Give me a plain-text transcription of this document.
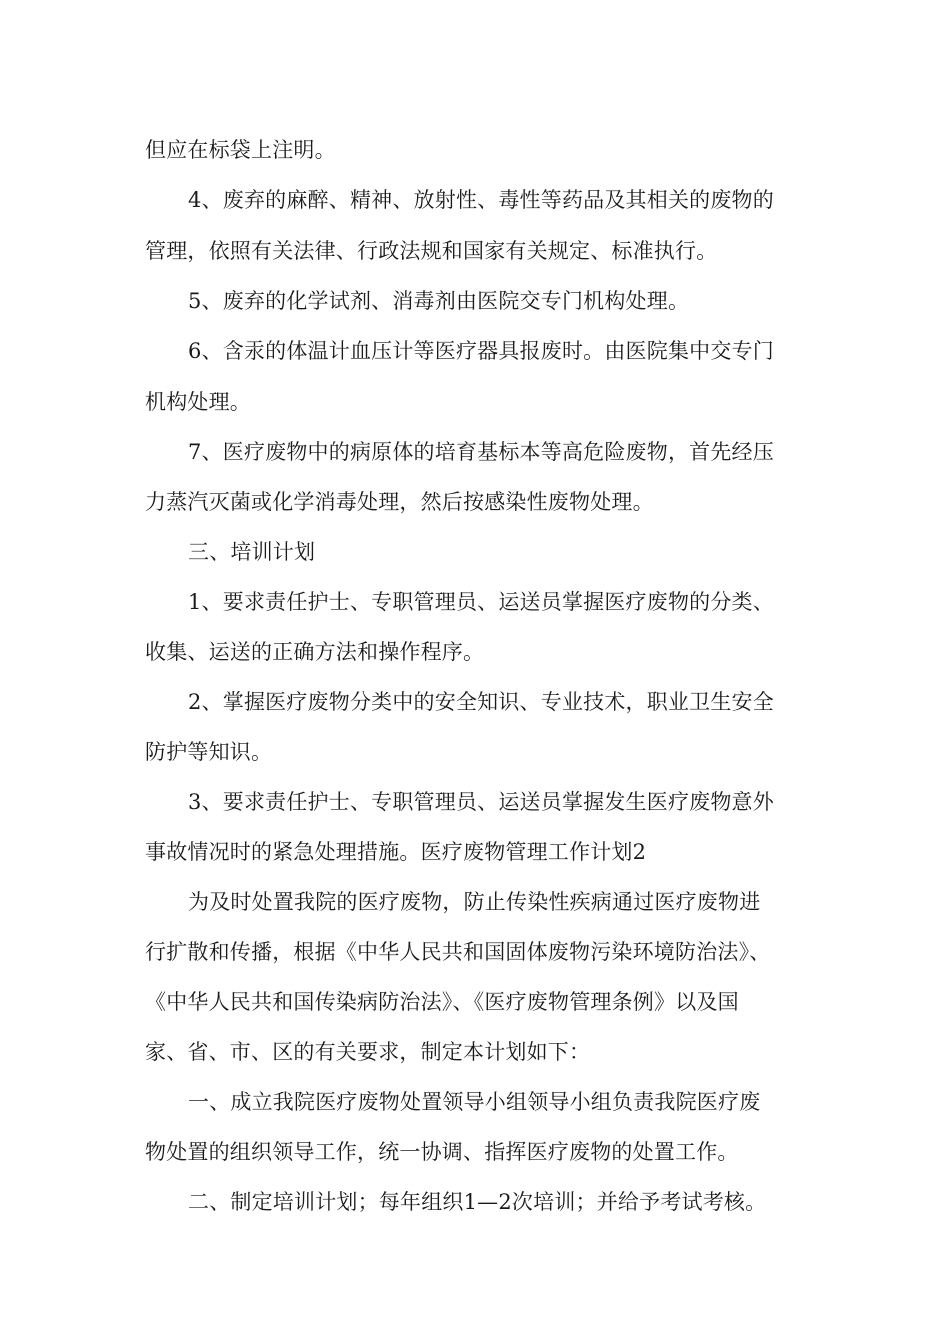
但应在标袋上注明。
4、废弃的麻醉、精神、放射性、毒性等药品及其相关的废物的
管理，依照有关法律、行政法规和国家有关规定、标准执行。
5、废弃的化学试剂、消毒剂由医院交专门机构处理。
6、含汞的体温计血压计等医疗器具报废时。由医院集中交专门
机构处理。
7、医疗废物中的病原体的培育基标本等高危险废物，首先经压
力蒸汽灭菌或化学消毒处理，然后按感染性废物处理。
三、培训计划
1、要求责任护士、专职管理员、运送员掌握医疗废物的分类、
收集、运送的正确方法和操作程序。
2、掌握医疗废物分类中的安全知识、专业技术，职业卫生安全
防护等知识。
3、要求责任护士、专职管理员、运送员掌握发生医疗废物意外
事故情况时的紧急处理措施。医疗废物管理工作计划2
为及时处置我院的医疗废物，防止传染性疾病通过医疗废物进
行扩散和传播，根据《中华人民共和国固体废物污染环境防治法》、
《中华人民共和国传染病防治法》、《医疗废物管理条例》以及国
家、省、市、区的有关要求，制定本计划如下：
一、成立我院医疗废物处置领导小组领导小组负责我院医疗废
物处置的组织领导工作，统一协调、指挥医疗废物的处置工作。
二、制定培训计划；每年组织1—2次培训；并给予考试考核。
